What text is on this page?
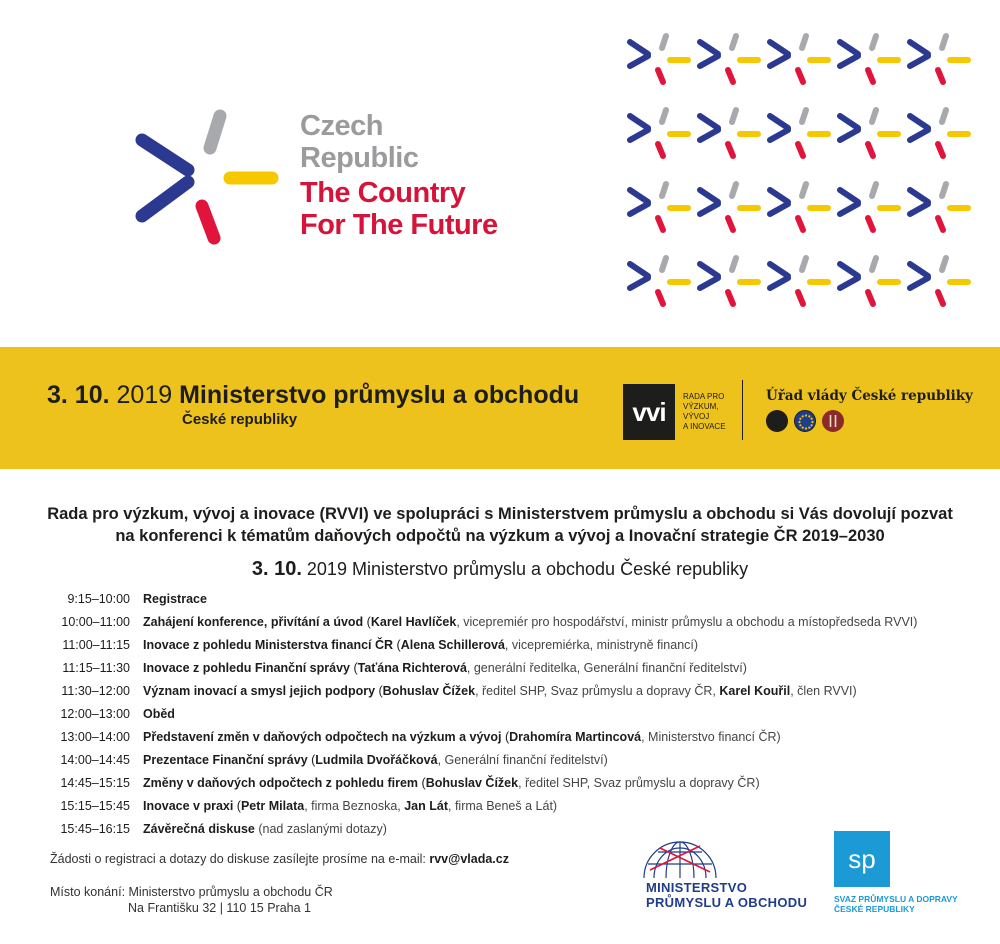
Czech
Republic
The Country
For The Future
3. 10. 2019 Ministerstvo průmyslu a obchodu
České republiky	vvi	RADA PRO
VÝZKUM,
VÝVOJ
A INOVACE
Úřad vlády České republiky
Rada pro výzkum, vývoj a inovace (RVVI) ve spolupráci s Ministerstvem průmyslu a obchodu si Vás dovolují pozvat
na konferenci k tématům daňových odpočtů na výzkum a vývoj a Inovační strategie ČR 2019–2030
3. 10. 2019 Ministerstvo průmyslu a obchodu České republiky
9:15–10:00 Registrace
10:00–11:00 Zahájení konference, přivítání a úvod (Karel Havlíček, vicepremiér pro hospodářství, ministr průmyslu a obchodu a místopředseda RVVI)
11:00–11:15 Inovace z pohledu Ministerstva financí ČR (Alena Schillerová, vicepremiérka, ministryně financí)
11:15–11:30 Inovace z pohledu Finanční správy (Taťána Richterová, generální ředitelka, Generální finanční ředitelství)
11:30–12:00 Význam inovací a smysl jejich podpory (Bohuslav Čížek, ředitel SHP, Svaz průmyslu a dopravy ČR, Karel Kouřil, člen RVVI)
12:00–13:00 Oběd
13:00–14:00 Představení změn v daňových odpočtech na výzkum a vývoj (Drahomíra Martincová, Ministerstvo financí ČR)
14:00–14:45 Prezentace Finanční správy (Ludmila Dvořáčková, Generální finanční ředitelství)
14:45–15:15 Změny v daňových odpočtech z pohledu firem (Bohuslav Čížek, ředitel SHP, Svaz průmyslu a dopravy ČR)
15:15–15:45 Inovace v praxi (Petr Milata, firma Beznoska, Jan Lát, firma Beneš a Lát)
15:45–16:15 Závěrečná diskuse (nad zaslanými dotazy)
Žádosti o registraci a dotazy do diskuse zasílejte prosíme na e-mail: rvv@vlada.cz
Místo konání: Ministerstvo průmyslu a obchodu ČR
Na Františku 32 | 110 15 Praha 1
MINISTERSTVO
PRŮMYSLU A OBCHODU
sp
SVAZ PRŮMYSLU A DOPRAVY
ČESKÉ REPUBLIKY
